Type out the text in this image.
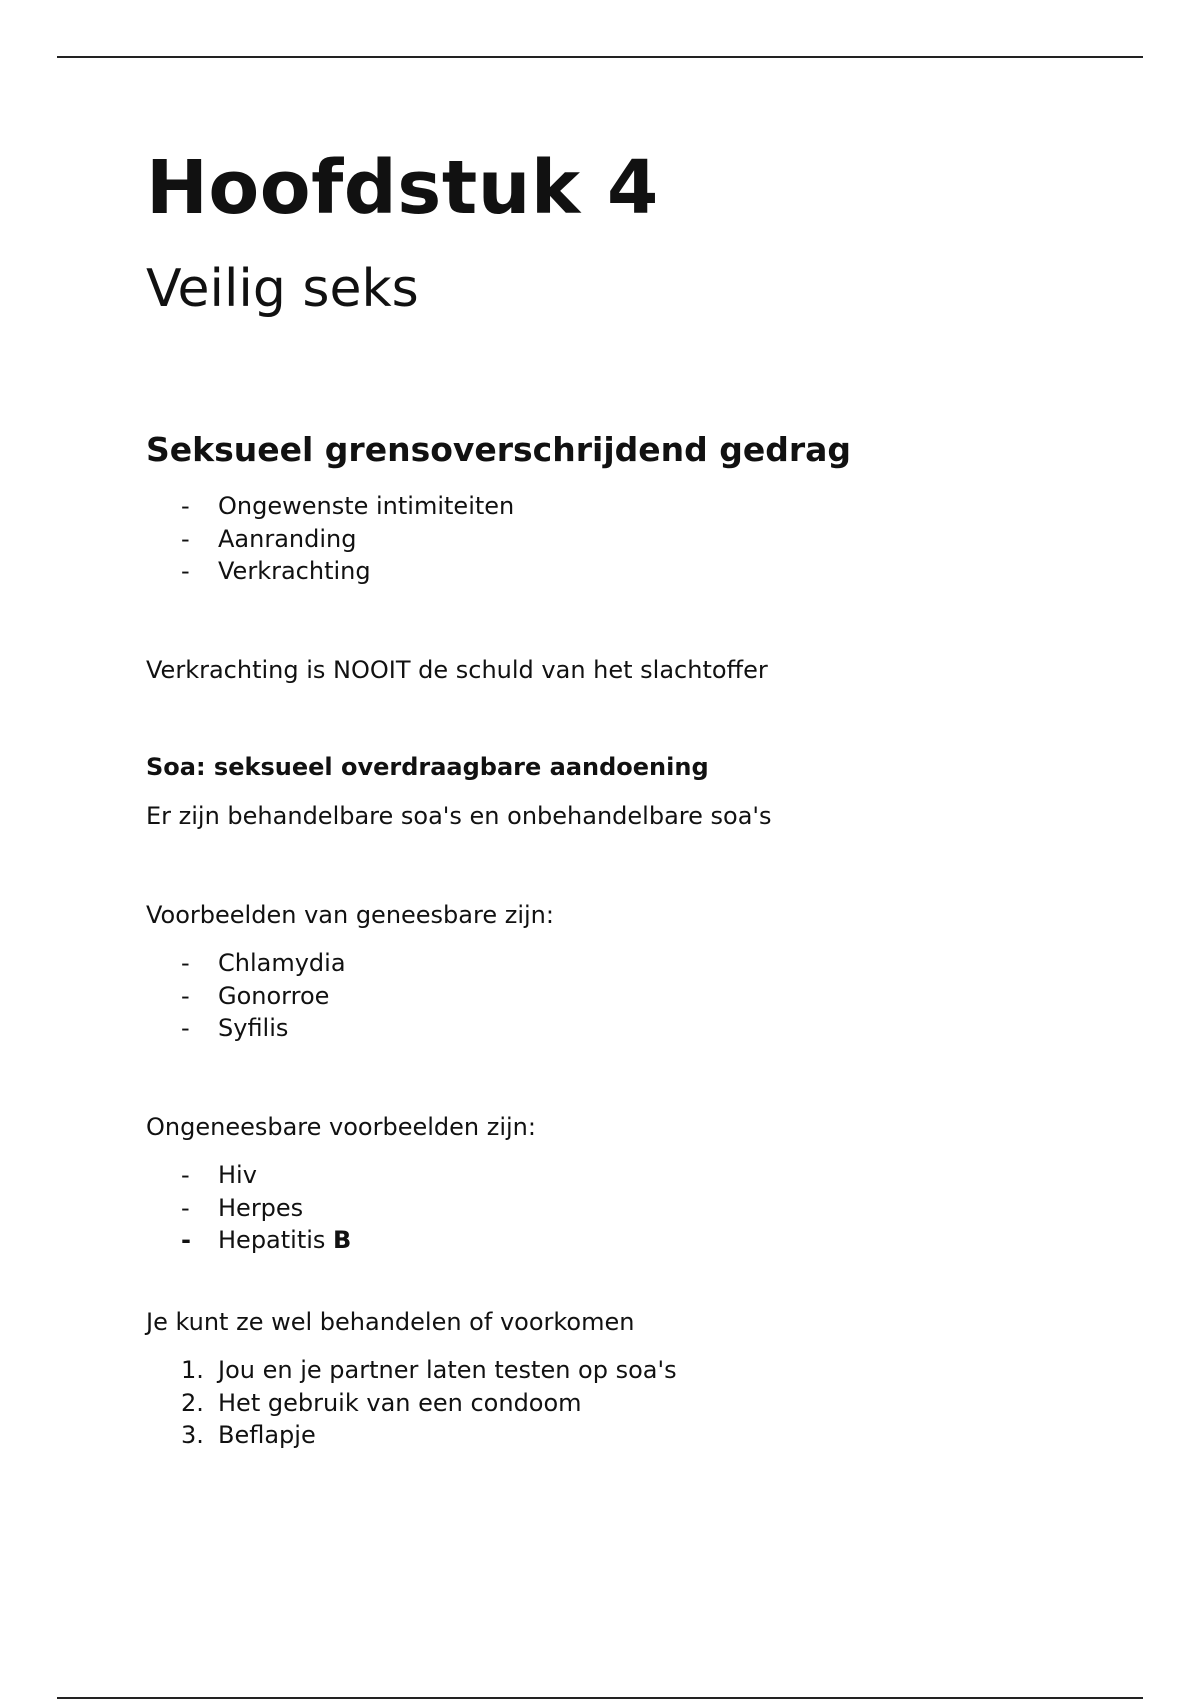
Hoofdstuk 4
Veilig seks
Seksueel grensoverschrijdend gedrag
- Ongewenste intimiteiten
- Aanranding
- Verkrachting
Verkrachting is NOOIT de schuld van het slachtoffer
Soa: seksueel overdraagbare aandoening
Er zijn behandelbare soa's en onbehandelbare soa's
Voorbeelden van geneesbare zijn:
- Chlamydia
- Gonorroe
- Syfilis
Ongeneesbare voorbeelden zijn:
- Hiv
- Herpes
- Hepatitis B
Je kunt ze wel behandelen of voorkomen
1. Jou en je partner laten testen op soa's
2. Het gebruik van een condoom
3. Beflapje
